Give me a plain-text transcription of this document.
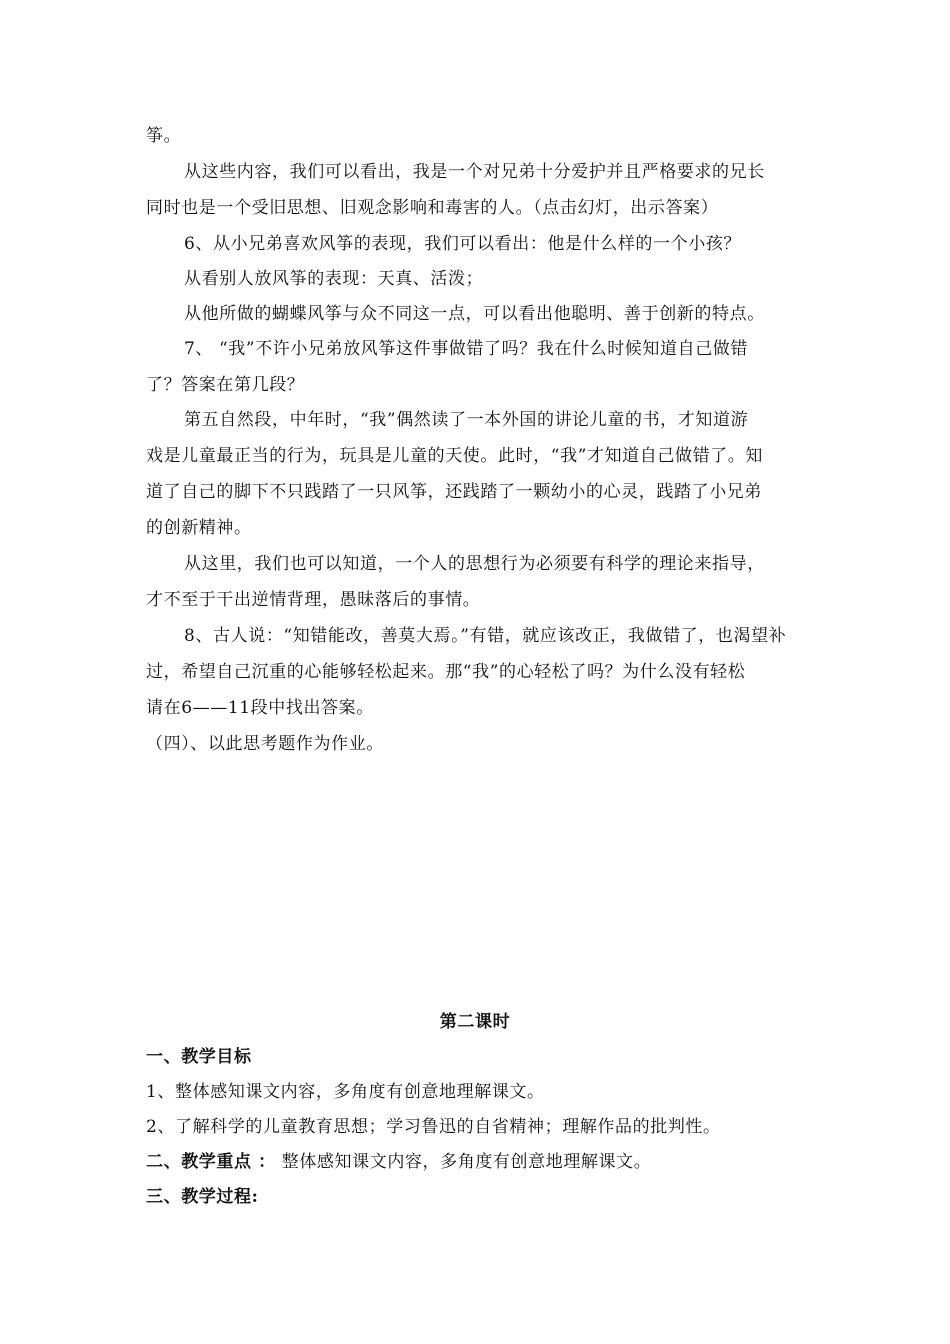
筝。
从这些内容，我们可以看出，我是一个对兄弟十分爱护并且严格要求的兄长
同时也是一个受旧思想、旧观念影响和毒害的人。（点击幻灯，出示答案）
6、从小兄弟喜欢风筝的表现，我们可以看出：他是什么样的一个小孩？
从看别人放风筝的表现：天真、活泼；
从他所做的蝴蝶风筝与众不同这一点，可以看出他聪明、善于创新的特点。
7、 “我”不许小兄弟放风筝这件事做错了吗？我在什么时候知道自己做错
了？答案在第几段？
第五自然段，中年时，“我”偶然读了一本外国的讲论儿童的书，才知道游
戏是儿童最正当的行为，玩具是儿童的天使。此时，“我”才知道自己做错了。知
道了自己的脚下不只践踏了一只风筝，还践踏了一颗幼小的心灵，践踏了小兄弟
的创新精神。
从这里，我们也可以知道，一个人的思想行为必须要有科学的理论来指导，
才不至于干出逆情背理，愚昧落后的事情。
8、古人说：“知错能改，善莫大焉。”有错，就应该改正，我做错了，也渴望补
过，希望自己沉重的心能够轻松起来。那“我”的心轻松了吗？为什么没有轻松
请在6——11段中找出答案。
（四）、以此思考题作为作业。
第二课时
一、教学目标
1、整体感知课文内容，多角度有创意地理解课文。
2、了解科学的儿童教育思想；学习鲁迅的自省精神；理解作品的批判性。
二、教学重点 ： 整体感知课文内容，多角度有创意地理解课文。
三、教学过程:
